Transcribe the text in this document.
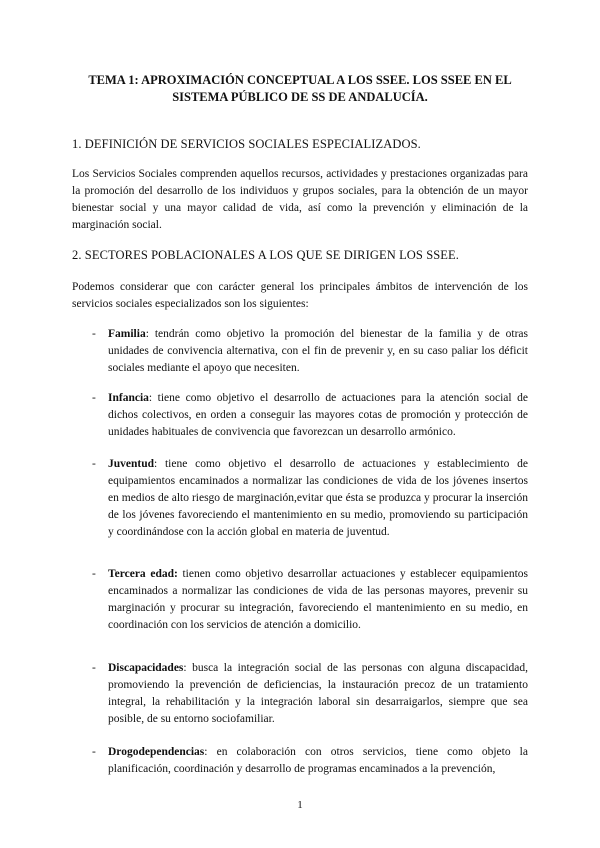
TEMA 1: APROXIMACIÓN CONCEPTUAL A LOS SSEE. LOS SSEE EN EL SISTEMA PÚBLICO DE SS DE ANDALUCÍA.
1. DEFINICIÓN DE SERVICIOS SOCIALES ESPECIALIZADOS.
Los Servicios Sociales comprenden aquellos recursos, actividades y prestaciones organizadas para la promoción del desarrollo de los individuos y grupos sociales, para la obtención de un mayor bienestar social y una mayor calidad de vida, así como la prevención y eliminación de la marginación social.
2. SECTORES POBLACIONALES A LOS QUE SE DIRIGEN LOS SSEE.
Podemos considerar que con carácter general los principales ámbitos de intervención de los servicios sociales especializados son los siguientes:
- Familia: tendrán como objetivo la promoción del bienestar de la familia y de otras unidades de convivencia alternativa, con el fin de prevenir y, en su caso paliar los déficit sociales mediante el apoyo que necesiten.
- Infancia: tiene como objetivo el desarrollo de actuaciones para la atención social de dichos colectivos, en orden a conseguir las mayores cotas de promoción y protección de unidades habituales de convivencia que favorezcan un desarrollo armónico.
- Juventud: tiene como objetivo el desarrollo de actuaciones y establecimiento de equipamientos encaminados a normalizar las condiciones de vida de los jóvenes insertos en medios de alto riesgo de marginación,evitar que ésta se produzca y procurar la inserción de los jóvenes favoreciendo el mantenimiento en su medio, promoviendo su participación y coordinándose con la acción global en materia de juventud.
- Tercera edad: tienen como objetivo desarrollar actuaciones y establecer equipamientos encaminados a normalizar las condiciones de vida de las personas mayores, prevenir su marginación y procurar su integración, favoreciendo el mantenimiento en su medio, en coordinación con los servicios de atención a domicilio.
- Discapacidades: busca la integración social de las personas con alguna discapacidad, promoviendo la prevención de deficiencias, la instauración precoz de un tratamiento integral, la rehabilitación y la integración laboral sin desarraigarlos, siempre que sea posible, de su entorno sociofamiliar.
- Drogodependencias: en colaboración con otros servicios, tiene como objeto la planificación, coordinación y desarrollo de programas encaminados a la prevención,
1
